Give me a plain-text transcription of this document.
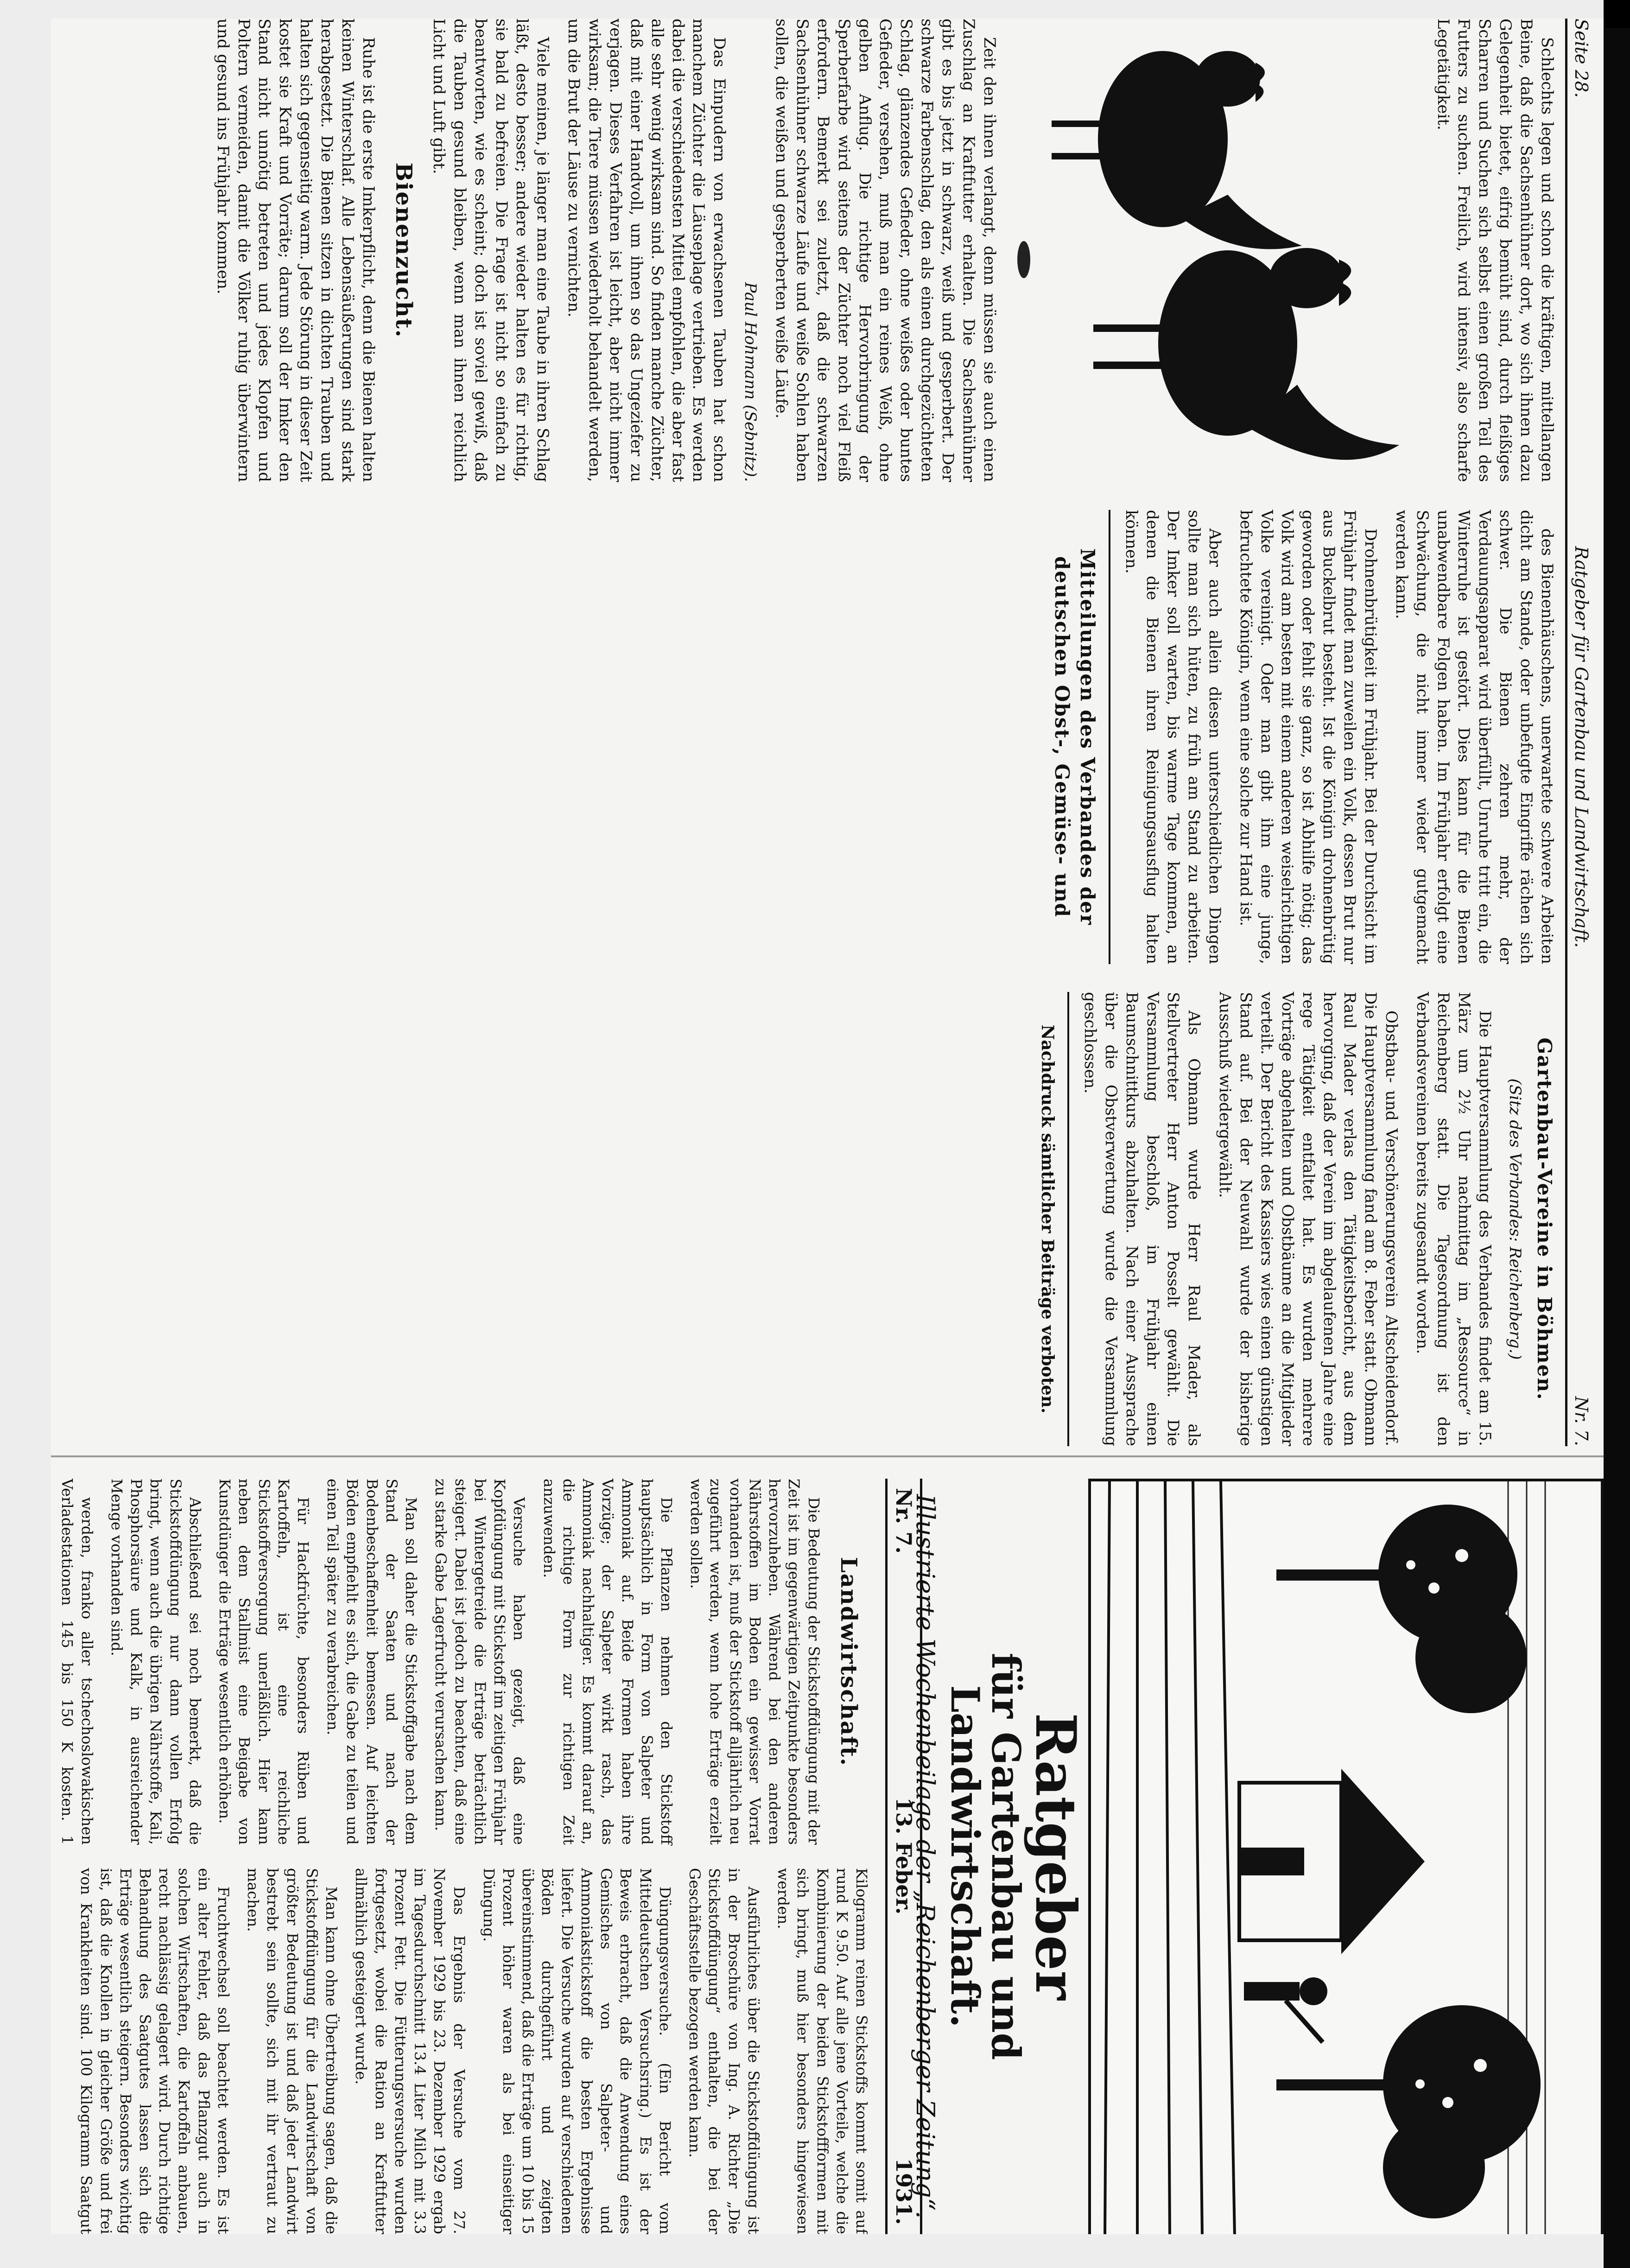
Seite 28.
Ratgeber für Gartenbau und Landwirtschaft.
Nr. 7.

Schlechts legen und schon die kräftigen, mittellangen Beine, daß die Sachsenhühner dort, wo sich ihnen dazu Gelegenheit bietet, eifrig bemüht sind, durch fleißiges Scharren und Suchen sich selbst einen großen Teil des Futters zu suchen. Freilich, wird intensiv, also scharfe Legetätigkeit.

Zeit den ihnen verlangt, denn müssen sie auch einen Zuschlag an Kraftfutter erhalten. Die Sachsenhühner gibt es bis jetzt in schwarz, weiß und gesperbert. Der schwarze Farbenschlag, den als einen durchgezüchteten Schlag, glänzendes Gefieder, ohne weißes oder buntes Gefieder, versehen, muß man ein reines Weiß, ohne gelben Anflug. Die richtige Hervorbringung der Sperberfarbe wird seitens der Züchter noch viel Fleiß erfordern. Bemerkt sei zuletzt, daß die schwarzen Sachsenhühner schwarze Läufe und weiße Sohlen haben sollen, die weißen und gesperberten weiße Läufe.

Paul Hohmann (Sebnitz).

Das Einpudern von erwachsenen Tauben hat schon manchem Züchter die Läuseplage vertrieben. Es werden dabei die verschiedensten Mittel empfohlen, die aber fast alle sehr wenig wirksam sind. So finden manche Züchter, daß mit einer Handvoll, um ihnen so das Ungeziefer zu verjagen. Dieses Verfahren ist leicht, aber nicht immer wirksam; die Tiere müssen wiederholt behandelt werden, um die Brut der Läuse zu vernichten.

Viele meinen, je länger man eine Taube in ihren Schlag läßt, desto besser; andere wieder halten es für richtig, sie bald zu befreien. Die Frage ist nicht so einfach zu beantworten, wie es scheint; doch ist soviel gewiß, daß die Tauben gesund bleiben, wenn man ihnen reichlich Licht und Luft gibt.

Bienenzucht.

Ruhe ist die erste Imkerpflicht, denn die Bienen halten keinen Winterschlaf. Alle Lebensäußerungen sind stark herabgesetzt. Die Bienen sitzen in dichten Trauben und halten sich gegenseitig warm. Jede Störung in dieser Zeit kostet sie Kraft und Vorräte; darum soll der Imker den Stand nicht unnötig betreten und jedes Klopfen und Poltern vermeiden, damit die Völker ruhig überwintern und gesund ins Frühjahr kommen.

des Bienenhäuschens, unerwartete schwere Arbeiten dicht am Stande, oder unbefugte Eingriffe rächen sich schwer. Die Bienen zehren mehr, der Verdauungsapparat wird überfüllt, Unruhe tritt ein, die Winterruhe ist gestört. Dies kann für die Bienen unabwendbare Folgen haben. Im Frühjahr erfolgt eine Schwächung, die nicht immer wieder gutgemacht werden kann.

Drohnenbrütigkeit im Frühjahr. Bei der Durchsicht im Frühjahr findet man zuweilen ein Volk, dessen Brut nur aus Buckelbrut besteht. Ist die Königin drohnenbrütig geworden oder fehlt sie ganz, so ist Abhilfe nötig; das Volk wird am besten mit einem anderen weiselrichtigen Volke vereinigt. Oder man gibt ihm eine junge, befruchtete Königin, wenn eine solche zur Hand ist.

Aber auch allein diesen unterschiedlichen Dingen sollte man sich hüten, zu früh am Stand zu arbeiten. Der Imker soll warten, bis warme Tage kommen, an denen die Bienen ihren Reinigungsausflug halten können.

Mitteilungen des Verbandes der deutschen Obst-, Gemüse- und Gartenbau-Vereine in Böhmen.
(Sitz des Verbandes: Reichenberg.)

Die Hauptversammlung des Verbandes findet am 15. März um 2½ Uhr nachmittag im „Ressource“ in Reichenberg statt. Die Tagesordnung ist den Verbandsvereinen bereits zugesandt worden.

Obstbau- und Verschönerungsverein Altscheidendorf. Die Hauptversammlung fand am 8. Feber statt. Obmann Raul Mader verlas den Tätigkeitsbericht, aus dem hervorging, daß der Verein im abgelaufenen Jahre eine rege Tätigkeit entfaltet hat. Es wurden mehrere Vorträge abgehalten und Obstbäume an die Mitglieder verteilt. Der Bericht des Kassiers wies einen günstigen Stand auf. Bei der Neuwahl wurde der bisherige Ausschuß wiedergewählt.

Als Obmann wurde Herr Raul Mader, als Stellvertreter Herr Anton Posselt gewählt. Die Versammlung beschloß, im Frühjahr einen Baumschnittkurs abzuhalten. Nach einer Aussprache über die Obstverwertung wurde die Versammlung geschlossen.

Nachdruck sämtlicher Beiträge verboten.
Ratgeber
für Gartenbau und Landwirtschaft.
Illustrierte Wochenbeilage der „Reichenberger Zeitung“.
Nr. 7.
13. Feber.
1931.
Landwirtschaft.

Die Bedeutung der Stickstoffdüngung mit der Zeit ist im gegenwärtigen Zeitpunkte besonders hervorzuheben. Während bei den anderen Nährstoffen im Boden ein gewisser Vorrat vorhanden ist, muß der Stickstoff alljährlich neu zugeführt werden, wenn hohe Erträge erzielt werden sollen.

Die Pflanzen nehmen den Stickstoff hauptsächlich in Form von Salpeter und Ammoniak auf. Beide Formen haben ihre Vorzüge; der Salpeter wirkt rasch, das Ammoniak nachhaltiger. Es kommt darauf an, die richtige Form zur richtigen Zeit anzuwenden.

Versuche haben gezeigt, daß eine Kopfdüngung mit Stickstoff im zeitigen Frühjahr bei Wintergetreide die Erträge beträchtlich steigert. Dabei ist jedoch zu beachten, daß eine zu starke Gabe Lagerfrucht verursachen kann.

Man soll daher die Stickstoffgabe nach dem Stand der Saaten und nach der Bodenbeschaffenheit bemessen. Auf leichten Böden empfiehlt es sich, die Gabe zu teilen und einen Teil später zu verabreichen.

Für Hackfrüchte, besonders Rüben und Kartoffeln, ist eine reichliche Stickstoffversorgung unerläßlich. Hier kann neben dem Stallmist eine Beigabe von Kunstdünger die Erträge wesentlich erhöhen.

Abschließend sei noch bemerkt, daß die Stickstoffdüngung nur dann vollen Erfolg bringt, wenn auch die übrigen Nährstoffe, Kali, Phosphorsäure und Kalk, in ausreichender Menge vorhanden sind.

werden, franko aller tschechoslowakischen Verladestationen 145 bis 150 K kosten. 1 Kilogramm reinen Stickstoffs kommt somit auf rund K 9.50. Auf alle jene Vorteile, welche die Kombinierung der beiden Stickstoffformen mit sich bringt, muß hier besonders hingewiesen werden.

Ausführliches über die Stickstoffdüngung ist in der Broschüre von Ing. A. Richter „Die Stickstoffdüngung“ enthalten, die bei der Geschäftsstelle bezogen werden kann.

Düngungsversuche. (Ein Bericht vom Mitteldeutschen Versuchsring.) Es ist der Beweis erbracht, daß die Anwendung eines Gemisches von Salpeter- und Ammoniakstickstoff die besten Ergebnisse liefert. Die Versuche wurden auf verschiedenen Böden durchgeführt und zeigten übereinstimmend, daß die Erträge um 10 bis 15 Prozent höher waren als bei einseitiger Düngung.

Das Ergebnis der Versuche vom 27. November 1929 bis 23. Dezember 1929 ergab im Tagesdurchschnitt 13.4 Liter Milch mit 3.3 Prozent Fett. Die Fütterungsversuche wurden fortgesetzt, wobei die Ration an Kraftfutter allmählich gesteigert wurde.

Man kann ohne Übertreibung sagen, daß die Stickstoffdüngung für die Landwirtschaft von größter Bedeutung ist und daß jeder Landwirt bestrebt sein sollte, sich mit ihr vertraut zu machen.

Fruchtwechsel soll beachtet werden. Es ist ein alter Fehler, daß das Pflanzgut auch in solchen Wirtschaften, die Kartoffeln anbauen, recht nachlässig gelagert wird. Durch richtige Behandlung des Saatgutes lassen sich die Erträge wesentlich steigern. Besonders wichtig ist, daß die Knollen in gleicher Größe und frei von Krankheiten sind. 100 Kilogramm Saatgut
